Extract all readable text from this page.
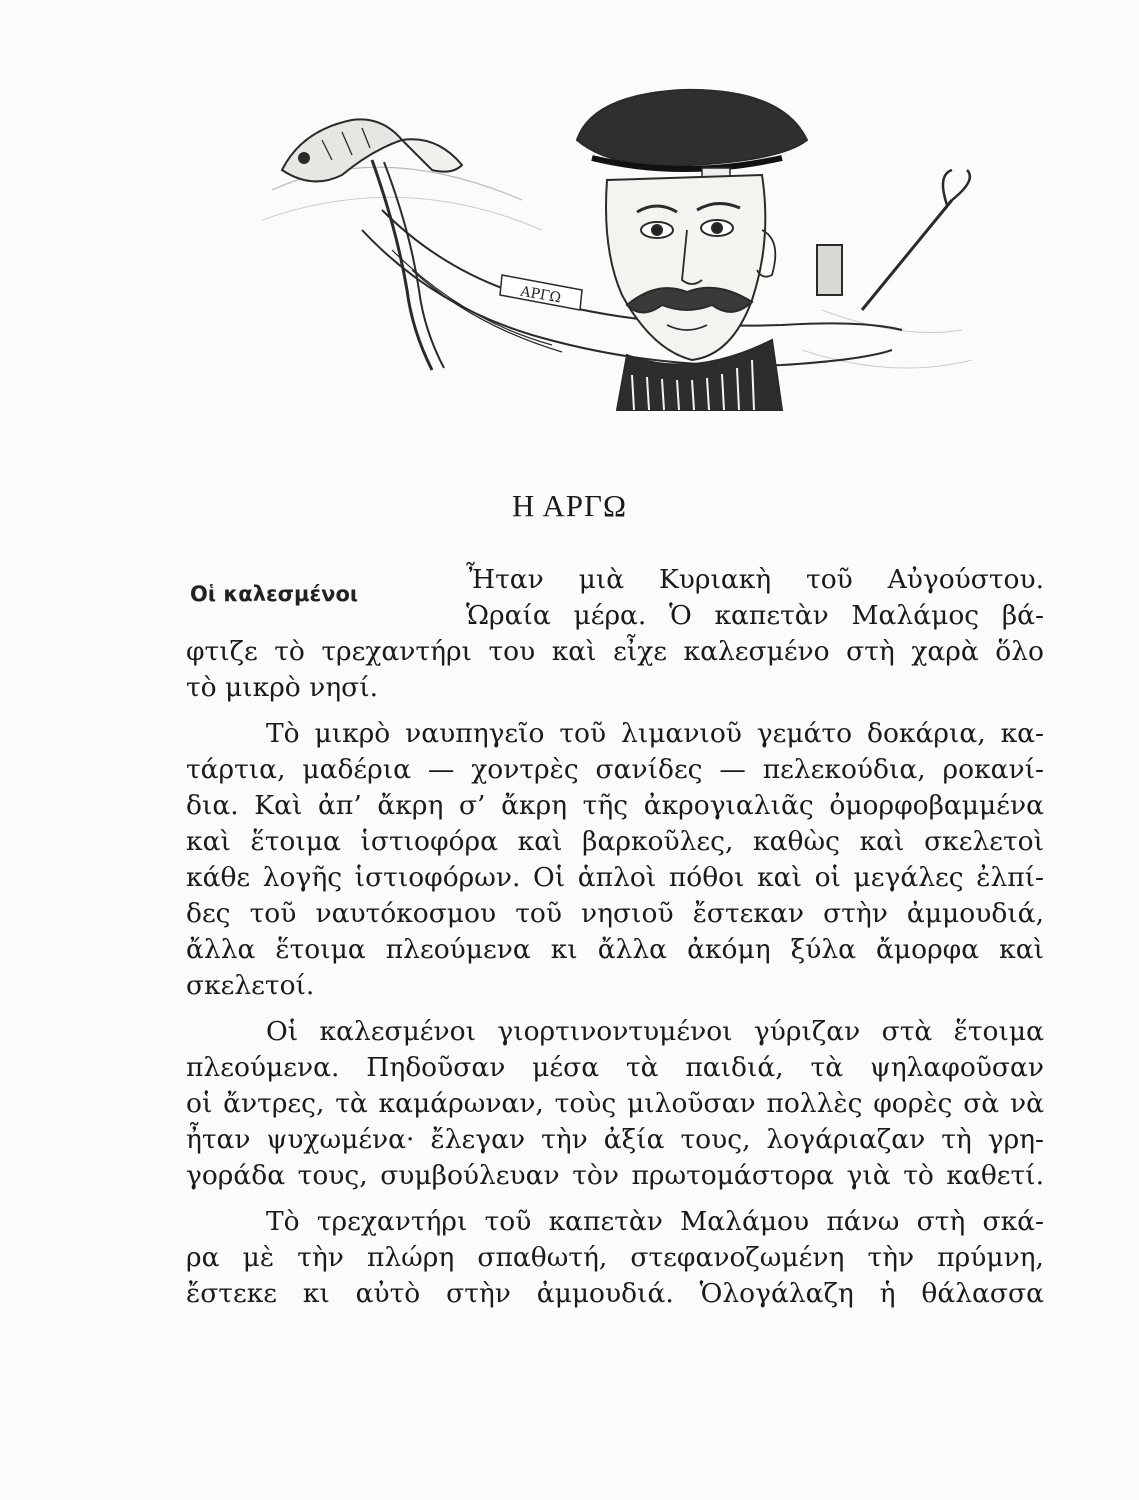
ΑΡΓΩ
Η ΑΡΓΩ
Οἱ καλεσμένοι	Ἦταν μιὰ Κυριακὴ τοῦ Αὐγούστου.
Ὡραία μέρα. Ὁ καπετὰν Μαλάμος βά-
φτιζε τὸ τρεχαντήρι του καὶ εἶχε καλεσμένο στὴ χαρὰ ὅλο
τὸ μικρὸ νησί.
Τὸ μικρὸ ναυπηγεῖο τοῦ λιμανιοῦ γεμάτο δοκάρια, κα-
τάρτια, μαδέρια — χοντρὲς σανίδες — πελεκούδια, ροκανί-
δια. Καὶ ἀπ’ ἄκρη σ’ ἄκρη τῆς ἀκρογιαλιᾶς ὀμορφοβαμμένα
καὶ ἕτοιμα ἱστιοφόρα καὶ βαρκοῦλες, καθὼς καὶ σκελετοὶ
κάθε λογῆς ἱστιοφόρων. Οἱ ἁπλοὶ πόθοι καὶ οἱ μεγάλες ἐλπί-
δες τοῦ ναυτόκοσμου τοῦ νησιοῦ ἔστεκαν στὴν ἀμμουδιά,
ἄλλα ἕτοιμα πλεούμενα κι ἄλλα ἀκόμη ξύλα ἄμορφα καὶ
σκελετοί.
Οἱ καλεσμένοι γιορτινοντυμένοι γύριζαν στὰ ἕτοιμα
πλεούμενα. Πηδοῦσαν μέσα τὰ παιδιά, τὰ ψηλαφοῦσαν
οἱ ἄντρες, τὰ καμάρωναν, τοὺς μιλοῦσαν πολλὲς φορὲς σὰ νὰ
ἦταν ψυχωμένα· ἔλεγαν τὴν ἀξία τους, λογάριαζαν τὴ γρη-
γοράδα τους, συμβούλευαν τὸν πρωτομάστορα γιὰ τὸ καθετί.
Τὸ τρεχαντήρι τοῦ καπετὰν Μαλάμου πάνω στὴ σκά-
ρα μὲ τὴν πλώρη σπαθωτή, στεφανοζωμένη τὴν πρύμνη,
ἔστεκε κι αὐτὸ στὴν ἀμμουδιά. Ὁλογάλαζη ἡ θάλασσα
